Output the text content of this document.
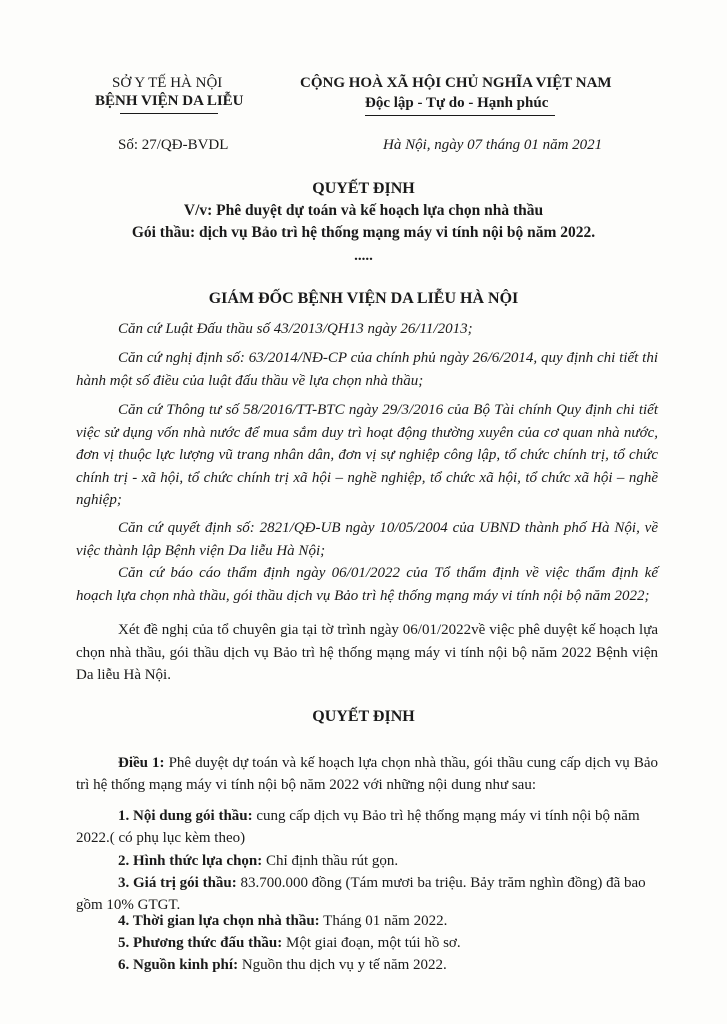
SỞ Y TẾ HÀ NỘI
BỆNH VIỆN DA LIỄU
Số: 27/QĐ-BVDL
CỘNG HOÀ XÃ HỘI CHỦ NGHĨA VIỆT NAM
Độc lập - Tự do - Hạnh phúc
Hà Nội, ngày 07 tháng 01 năm 2021
QUYẾT ĐỊNH
V/v: Phê duyệt dự toán và kế hoạch lựa chọn nhà thầu
Gói thầu: dịch vụ Bảo trì hệ thống mạng máy vi tính nội bộ năm 2022.
.....
GIÁM ĐỐC BỆNH VIỆN DA LIỄU HÀ NỘI
Căn cứ Luật Đấu thầu số 43/2013/QH13 ngày 26/11/2013;
Căn cứ nghị định số: 63/2014/NĐ-CP của chính phủ ngày 26/6/2014, quy định chi tiết thi hành một số điều của luật đấu thầu về lựa chọn nhà thầu;
Căn cứ Thông tư số 58/2016/TT-BTC ngày 29/3/2016 của Bộ Tài chính Quy định chi tiết việc sử dụng vốn nhà nước để mua sắm duy trì hoạt động thường xuyên của cơ quan nhà nước, đơn vị thuộc lực lượng vũ trang nhân dân, đơn vị sự nghiệp công lập, tổ chức chính trị, tổ chức chính trị - xã hội, tổ chức chính trị xã hội – nghề nghiệp, tổ chức xã hội, tổ chức xã hội – nghề nghiệp;
Căn cứ quyết định số: 2821/QĐ-UB ngày 10/05/2004 của UBND thành phố Hà Nội, về việc thành lập Bệnh viện Da liễu Hà Nội;
Căn cứ báo cáo thẩm định ngày 06/01/2022 của Tổ thẩm định về việc thẩm định kế hoạch lựa chọn nhà thầu, gói thầu dịch vụ Bảo trì hệ thống mạng máy vi tính nội bộ năm 2022;
Xét đề nghị của tổ chuyên gia tại tờ trình ngày 06/01/2022về việc phê duyệt kế hoạch lựa chọn nhà thầu, gói thầu dịch vụ Bảo trì hệ thống mạng máy vi tính nội bộ năm 2022 Bệnh viện Da liễu Hà Nội.
QUYẾT ĐỊNH
Điều 1: Phê duyệt dự toán và kế hoạch lựa chọn nhà thầu, gói thầu cung cấp dịch vụ Bảo trì hệ thống mạng máy vi tính nội bộ năm 2022 với những nội dung như sau:
1. Nội dung gói thầu: cung cấp dịch vụ Bảo trì hệ thống mạng máy vi tính nội bộ năm 2022.( có phụ lục kèm theo)
2. Hình thức lựa chọn: Chỉ định thầu rút gọn.
3. Giá trị gói thầu: 83.700.000 đồng (Tám mươi ba triệu. Bảy trăm nghìn đồng) đã bao gồm 10% GTGT.
4. Thời gian lựa chọn nhà thầu: Tháng 01 năm 2022.
5. Phương thức đấu thầu: Một giai đoạn, một túi hồ sơ.
6. Nguồn kinh phí: Nguồn thu dịch vụ y tế năm 2022.
